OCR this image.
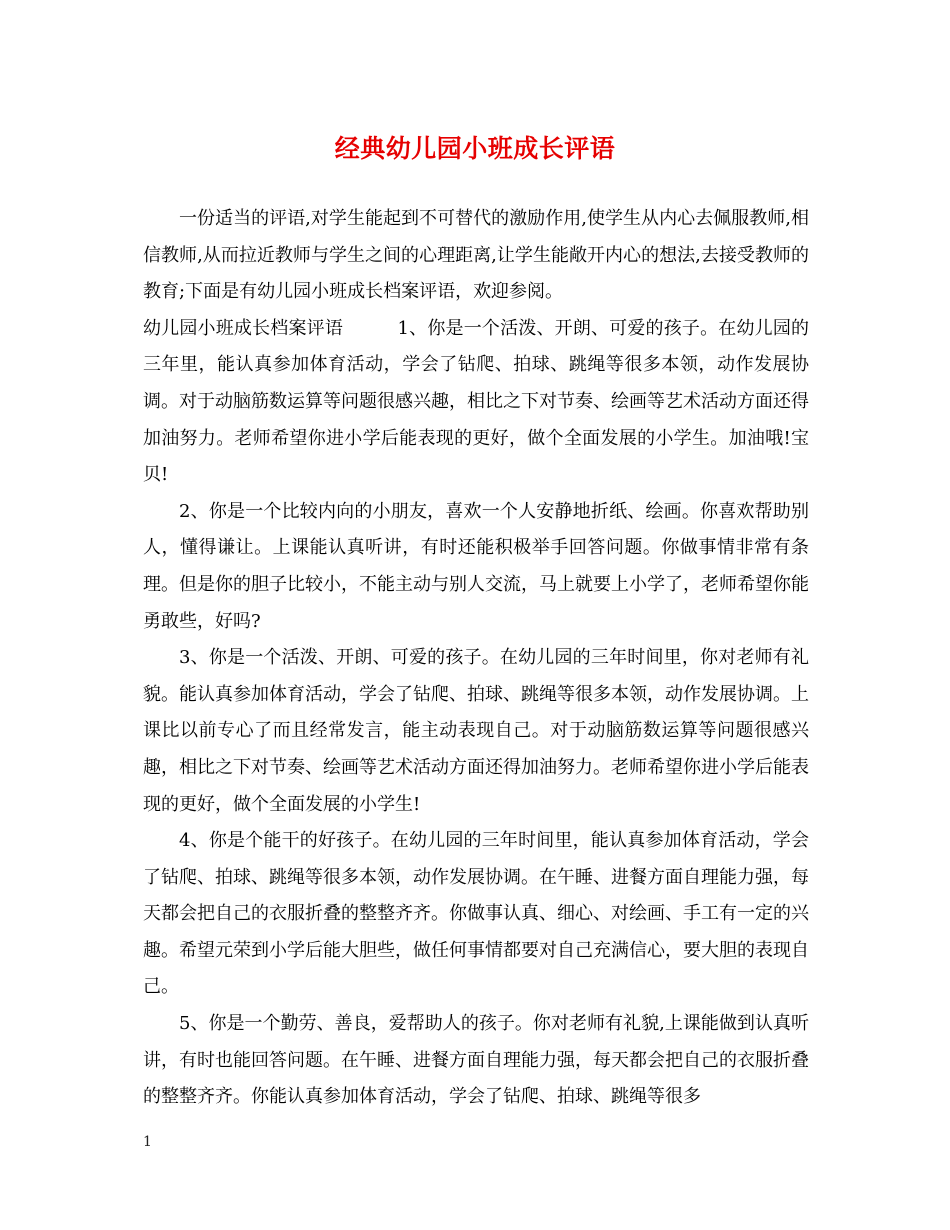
经典幼儿园小班成长评语

一份适当的评语,对学生能起到不可替代的激励作用,使学生从内心去佩服教师,相信教师,从而拉近教师与学生之间的心理距离,让学生能敞开内心的想法,去接受教师的教育;下面是有幼儿园小班成长档案评语，欢迎参阅。

幼儿园小班成长档案评语　　　1、你是一个活泼、开朗、可爱的孩子。在幼儿园的三年里，能认真参加体育活动，学会了钻爬、拍球、跳绳等很多本领，动作发展协调。对于动脑筋数运算等问题很感兴趣，相比之下对节奏、绘画等艺术活动方面还得加油努力。老师希望你进小学后能表现的更好，做个全面发展的小学生。加油哦!宝贝!

2、你是一个比较内向的小朋友，喜欢一个人安静地折纸、绘画。你喜欢帮助别人，懂得谦让。上课能认真听讲，有时还能积极举手回答问题。你做事情非常有条理。但是你的胆子比较小，不能主动与别人交流，马上就要上小学了，老师希望你能勇敢些，好吗?

3、你是一个活泼、开朗、可爱的孩子。在幼儿园的三年时间里，你对老师有礼貌。能认真参加体育活动，学会了钻爬、拍球、跳绳等很多本领，动作发展协调。上课比以前专心了而且经常发言，能主动表现自己。对于动脑筋数运算等问题很感兴趣，相比之下对节奏、绘画等艺术活动方面还得加油努力。老师希望你进小学后能表现的更好，做个全面发展的小学生!

4、你是个能干的好孩子。在幼儿园的三年时间里，能认真参加体育活动，学会了钻爬、拍球、跳绳等很多本领，动作发展协调。在午睡、进餐方面自理能力强，每天都会把自己的衣服折叠的整整齐齐。你做事认真、细心、对绘画、手工有一定的兴趣。希望元荣到小学后能大胆些，做任何事情都要对自己充满信心，要大胆的表现自己。

5、你是一个勤劳、善良，爱帮助人的孩子。你对老师有礼貌,上课能做到认真听讲，有时也能回答问题。在午睡、进餐方面自理能力强，每天都会把自己的衣服折叠的整整齐齐。你能认真参加体育活动，学会了钻爬、拍球、跳绳等很多

1
